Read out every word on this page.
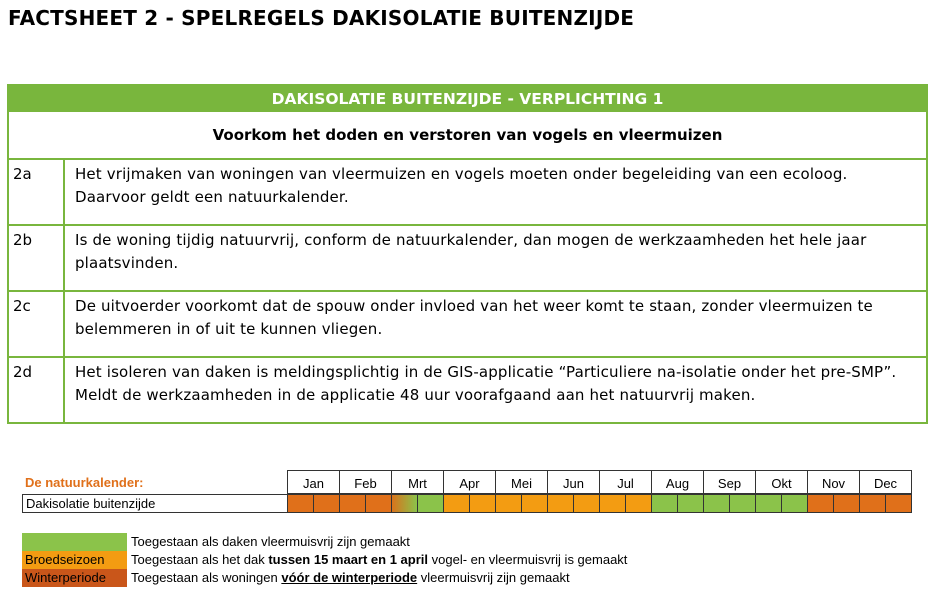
FACTSHEET 2 - SPELREGELS DAKISOLATIE BUITENZIJDE
DAKISOLATIE BUITENZIJDE - VERPLICHTING 1
Voorkom het doden en verstoren van vogels en vleermuizen
2a	Het vrijmaken van woningen van vleermuizen en vogels moeten onder begeleiding van een ecoloog. Daarvoor geldt een natuurkalender.
2b	Is de woning tijdig natuurvrij, conform de natuurkalender, dan mogen de werkzaamheden het hele jaar plaatsvinden.
2c	De uitvoerder voorkomt dat de spouw onder invloed van het weer komt te staan, zonder vleermuizen te belemmeren in of uit te kunnen vliegen.
2d	Het isoleren van daken is meldingsplichtig in de GIS-applicatie “Particuliere na-isolatie onder het pre-SMP”. Meldt de werkzaamheden in de applicatie 48 uur voorafgaand aan het natuurvrij maken.
De natuurkalender:
Dakisolatie buitenzijde
Jan	Feb	Mrt	Apr	Mei	Jun	Jul	Aug	Sep	Okt	Nov	Dec
Toegestaan als daken vleermuisvrij zijn gemaakt
Broedseizoen	Toegestaan als het dak tussen 15 maart en 1 april vogel- en vleermuisvrij is gemaakt
Winterperiode	Toegestaan als woningen vóór de winterperiode vleermuisvrij zijn gemaakt
